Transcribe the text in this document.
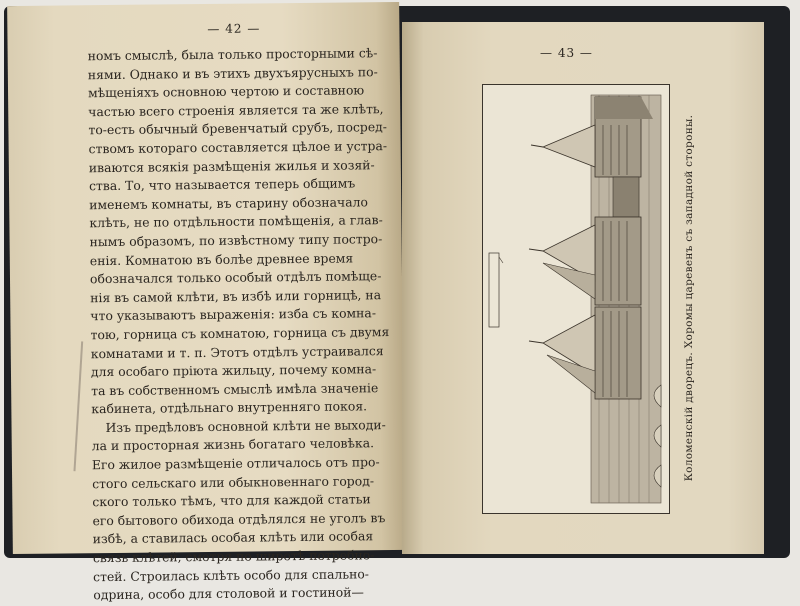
— 42 —
номъ смыслѣ, была только просторными сѣ-
нями. Однако и въ этихъ двухъярусныхъ по-
мѣщенiяхъ основною чертою и составною
частью всего строенiя является та же клѣть,
то-есть обычный бревенчатый срубъ, посред-
ствомъ котораго составляется цѣлое и устра-
иваются всякiя размѣщенiя жилья и хозяй-
ства. То, что называется теперь общимъ
именемъ комнаты, въ старину обозначало
клѣть, не по отдѣльности помѣщенiя, а глав-
нымъ образомъ, по извѣстному типу постро-
енiя. Комнатою въ болѣе древнее время
обозначался только особый отдѣлъ помѣще-
нiя въ самой клѣти, въ избѣ или горницѣ, на
что указываютъ выраженiя: изба съ комна-
тою, горница съ комнатою, горница съ двумя
комнатами и т. п. Этотъ отдѣлъ устраивался
для особаго прiюта жильцу, почему комна-
та въ собственномъ смыслѣ имѣла значенiе
кабинета, отдѣльнаго внутренняго покоя.
Изъ предѣловъ основной клѣти не выходи-
ла и просторная жизнь богатаго человѣка.
Его жилое размѣщенiе отличалось отъ про-
стого сельскаго или обыкновеннаго город-
ского только тѣмъ, что для каждой статьи
его бытового обихода отдѣлялся не уголъ въ
избѣ, а ставилась особая клѣть или особая
связь клѣтей, смотря по широтѣ потребно-
стей. Строилась клѣть особо для спально-
одрина, особо для столовой и гостиной—
— 43 —
Коломенскiй дворецъ. Хоромы царевенъ съ западной стороны.
